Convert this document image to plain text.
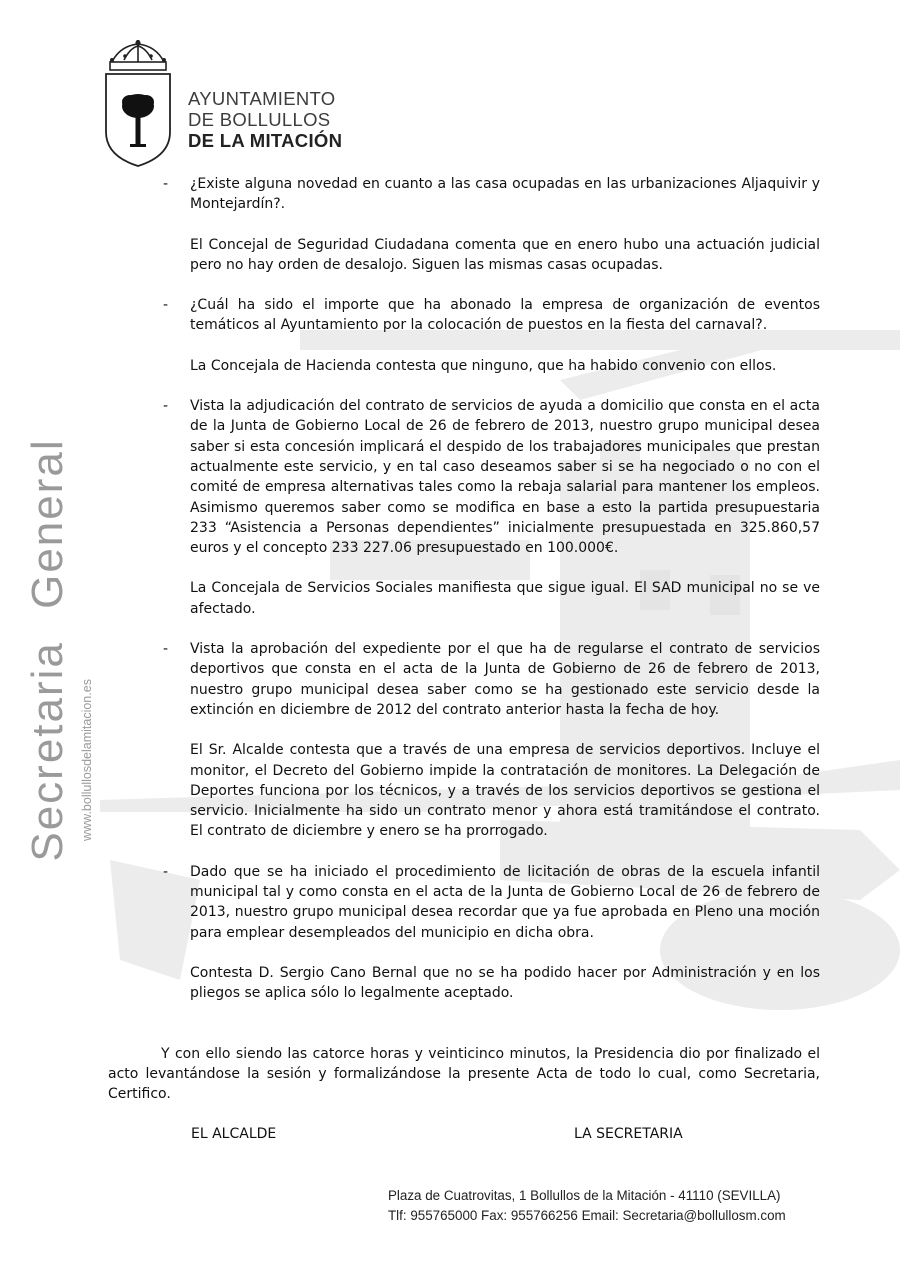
Secretaria General www.bollullosdelamitacion.es
AYUNTAMIENTO
DE BOLLULLOS
DE LA MITACIÓN
- ¿Existe alguna novedad en cuanto a las casa ocupadas en las urbanizaciones Aljaquivir y Montejardín?.

El Concejal de Seguridad Ciudadana comenta que en enero hubo una actuación judicial pero no hay orden de desalojo. Siguen las mismas casas ocupadas.

- ¿Cuál ha sido el importe que ha abonado la empresa de organización de eventos temáticos al Ayuntamiento por la colocación de puestos en la fiesta del carnaval?.

La Concejala de Hacienda contesta que ninguno, que ha habido convenio con ellos.

- Vista la adjudicación del contrato de servicios de ayuda a domicilio que consta en el acta de la Junta de Gobierno Local de 26 de febrero de 2013, nuestro grupo municipal desea saber si esta concesión implicará el despido de los trabajadores municipales que prestan actualmente este servicio, y en tal caso deseamos saber si se ha negociado o no con el comité de empresa alternativas tales como la rebaja salarial para mantener los empleos. Asimismo queremos saber como se modifica en base a esto la partida presupuestaria 233 “Asistencia a Personas dependientes” inicialmente presupuestada en 325.860,57 euros y el concepto 233 227.06 presupuestado en 100.000€.

La Concejala de Servicios Sociales manifiesta que sigue igual. El SAD municipal no se ve afectado.

- Vista la aprobación del expediente por el que ha de regularse el contrato de servicios deportivos que consta en el acta de la Junta de Gobierno de 26 de febrero de 2013, nuestro grupo municipal desea saber como se ha gestionado este servicio desde la extinción en diciembre de 2012 del contrato anterior hasta la fecha de hoy.

El Sr. Alcalde contesta que a través de una empresa de servicios deportivos. Incluye el monitor, el Decreto del Gobierno impide la contratación de monitores. La Delegación de Deportes funciona por los técnicos, y a través de los servicios deportivos se gestiona el servicio. Inicialmente ha sido un contrato menor y ahora está tramitándose el contrato. El contrato de diciembre y enero se ha prorrogado.

- Dado que se ha iniciado el procedimiento de licitación de obras de la escuela infantil municipal tal y como consta en el acta de la Junta de Gobierno Local de 26 de febrero de 2013, nuestro grupo municipal desea recordar que ya fue aprobada en Pleno una moción para emplear desempleados del municipio en dicha obra.

Contesta D. Sergio Cano Bernal que no se ha podido hacer por Administración y en los pliegos se aplica sólo lo legalmente aceptado.

Y con ello siendo las catorce horas y veinticinco minutos, la Presidencia dio por finalizado el acto levantándose la sesión y formalizándose la presente Acta de todo lo cual, como Secretaria, Certifico.

EL ALCALDE	LA SECRETARIA
Plaza de Cuatrovitas, 1 Bollullos de la Mitación - 41110 (SEVILLA)
Tlf: 955765000 Fax: 955766256 Email: Secretaria@bollullosm.com
